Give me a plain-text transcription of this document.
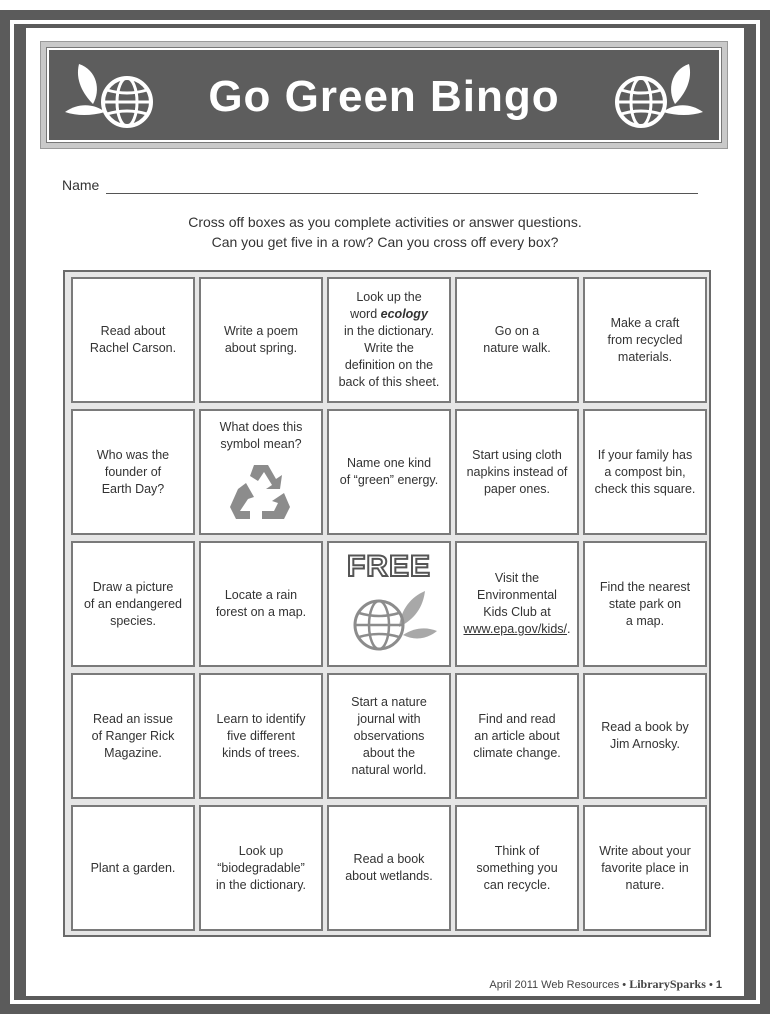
Go Green Bingo
Name
Cross off boxes as you complete activities or answer questions.
Can you get five in a row? Can you cross off every box?
Read about
Rachel Carson.
Write a poem
about spring.
Look up the
word ecology
in the dictionary.
Write the
definition on the
back of this sheet.
Go on a
nature walk.
Make a craft
from recycled
materials.
Who was the
founder of
Earth Day?
What does this
symbol mean?
Name one kind
of “green” energy.
Start using cloth
napkins instead of
paper ones.
If your family has
a compost bin,
check this square.
Draw a picture
of an endangered
species.
Locate a rain
forest on a map.
FREE	Visit the
Environmental
Kids Club at
www.epa.gov/kids/.
Find the nearest
state park on
a map.
Read an issue
of Ranger Rick
Magazine.
Learn to identify
five different
kinds of trees.
Start a nature
journal with
observations
about the
natural world.
Find and read
an article about
climate change.
Read a book by
Jim Arnosky.
Plant a garden.
Look up
“biodegradable”
in the dictionary.
Read a book
about wetlands.
Think of
something you
can recycle.
Write about your
favorite place in
nature.
April 2011 Web Resources • LibrarySparks • 1
